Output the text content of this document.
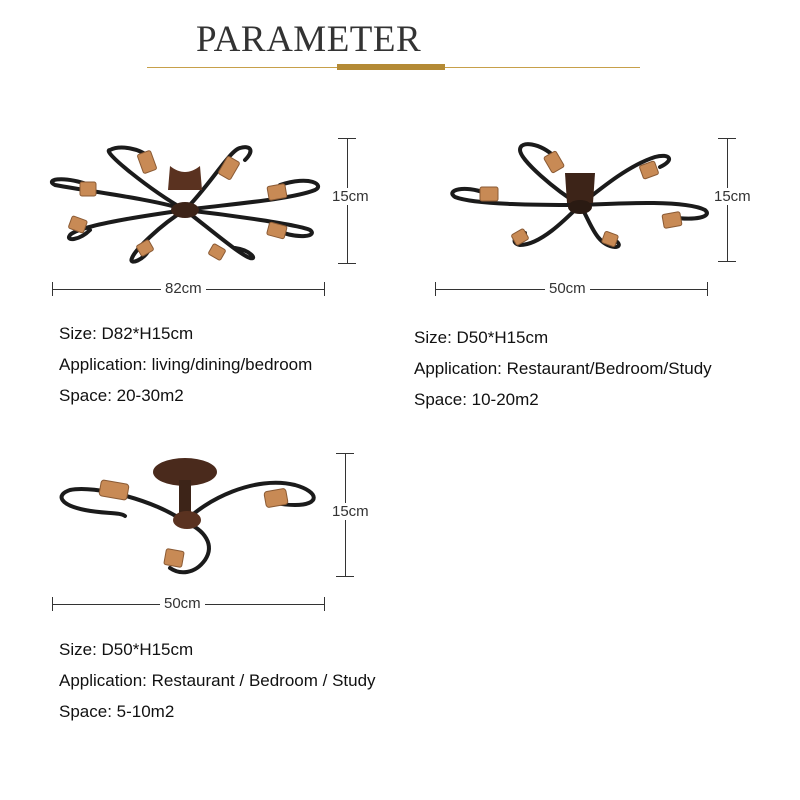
PARAMETER
15cm
82cm
Size: D82*H15cm
Application: living/dining/bedroom
Space: 20-30m2
15cm
50cm
Size: D50*H15cm
Application: Restaurant/Bedroom/Study
Space: 10-20m2
15cm
50cm
Size: D50*H15cm
Application: Restaurant / Bedroom / Study
Space: 5-10m2
